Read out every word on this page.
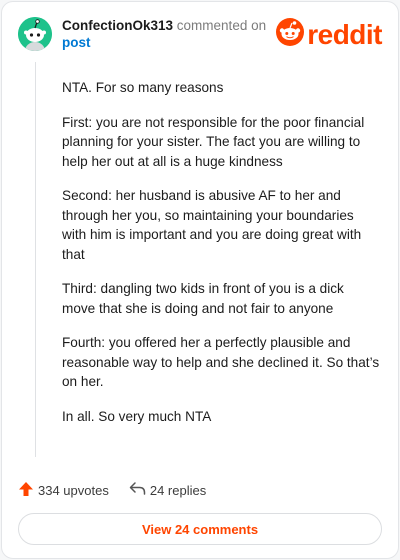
ConfectionOk313 commented on
post	reddit

NTA. For so many reasons

First: you are not responsible for the poor financial planning for your sister. The fact you are willing to help her out at all is a huge kindness

Second: her husband is abusive AF to her and through her you, so maintaining your boundaries with him is important and you are doing great with that

Third: dangling two kids in front of you is a dick move that she is doing and not fair to anyone

Fourth: you offered her a perfectly plausible and reasonable way to help and she declined it. So that’s on her.

In all. So very much NTA

334 upvotes	24 replies
View 24 comments
